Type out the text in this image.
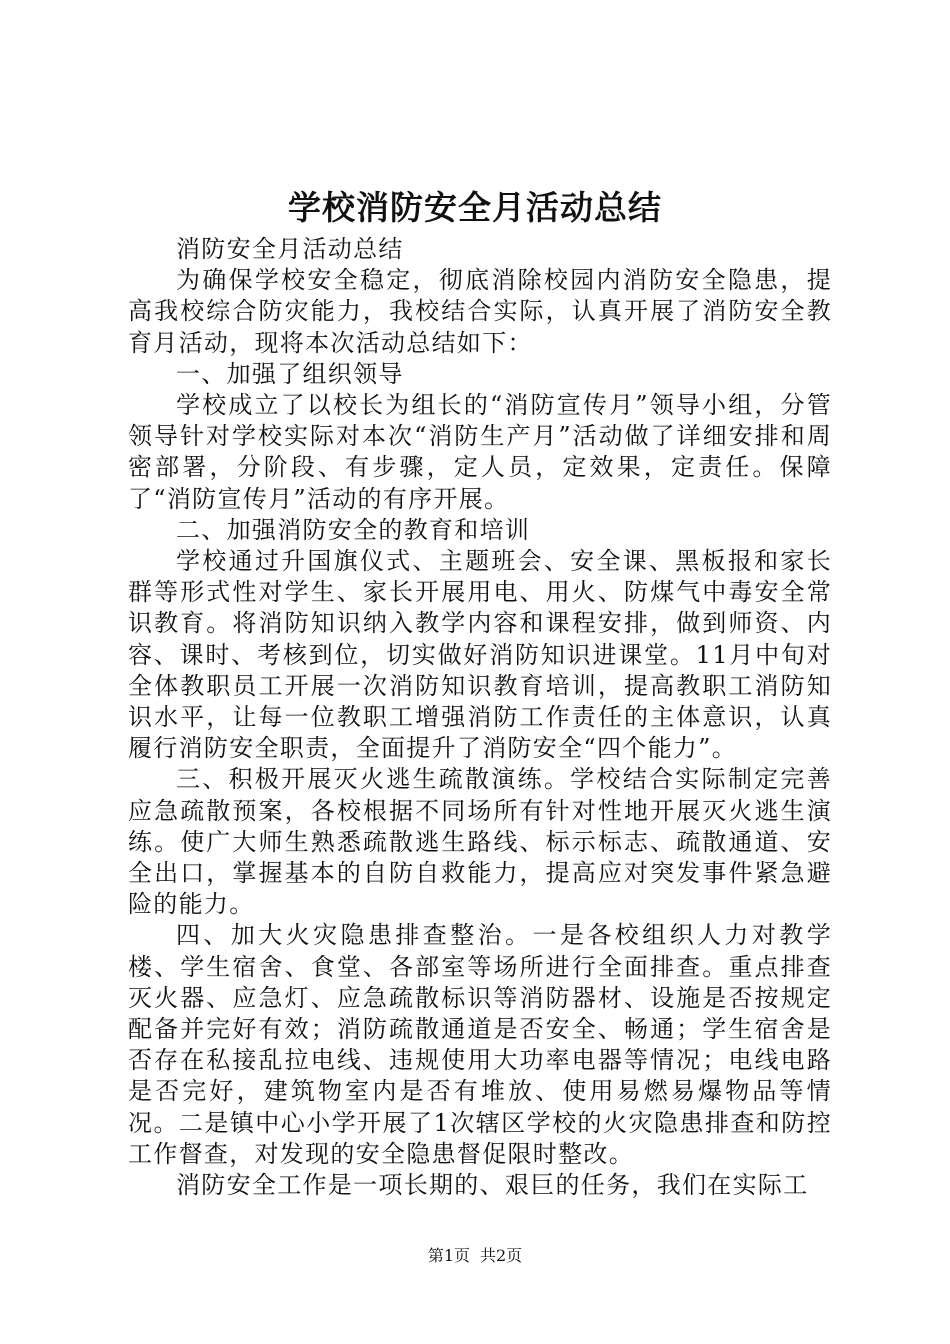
学校消防安全月活动总结

消防安全月活动总结

为确保学校安全稳定，彻底消除校园内消防安全隐患，提高我校综合防灾能力，我校结合实际，认真开展了消防安全教育月活动，现将本次活动总结如下：

一、加强了组织领导

学校成立了以校长为组长的“消防宣传月”领导小组，分管领导针对学校实际对本次“消防生产月”活动做了详细安排和周密部署，分阶段、有步骤，定人员，定效果，定责任。保障了“消防宣传月”活动的有序开展。

二、加强消防安全的教育和培训

学校通过升国旗仪式、主题班会、安全课、黑板报和家长群等形式性对学生、家长开展用电、用火、防煤气中毒安全常识教育。将消防知识纳入教学内容和课程安排，做到师资、内容、课时、考核到位，切实做好消防知识进课堂。11月中旬对全体教职员工开展一次消防知识教育培训，提高教职工消防知识水平，让每一位教职工增强消防工作责任的主体意识，认真履行消防安全职责，全面提升了消防安全“四个能力”。

三、积极开展灭火逃生疏散演练。学校结合实际制定完善应急疏散预案，各校根据不同场所有针对性地开展灭火逃生演练。使广大师生熟悉疏散逃生路线、标示标志、疏散通道、安全出口，掌握基本的自防自救能力，提高应对突发事件紧急避险的能力。

四、加大火灾隐患排查整治。一是各校组织人力对教学楼、学生宿舍、食堂、各部室等场所进行全面排查。重点排查灭火器、应急灯、应急疏散标识等消防器材、设施是否按规定配备并完好有效；消防疏散通道是否安全、畅通；学生宿舍是否存在私接乱拉电线、违规使用大功率电器等情况；电线电路是否完好，建筑物室内是否有堆放、使用易燃易爆物品等情况。二是镇中心小学开展了1次辖区学校的火灾隐患排查和防控工作督查，对发现的安全隐患督促限时整改。

消防安全工作是一项长期的、艰巨的任务，我们在实际工

第1页 共2页
